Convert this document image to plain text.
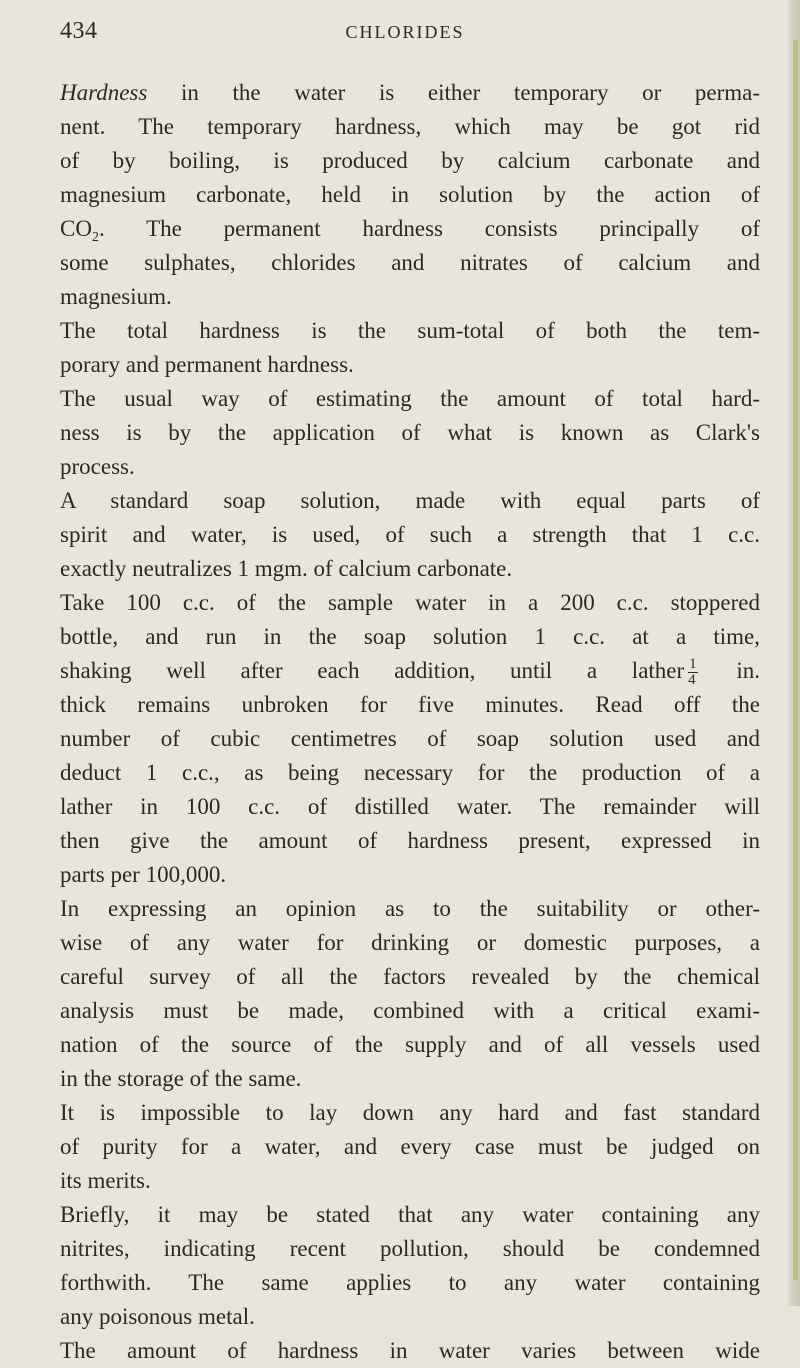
434	CHLORIDES
Hardness in the water is either temporary or perma-
nent. The temporary hardness, which may be got rid
of by boiling, is produced by calcium carbonate and
magnesium carbonate, held in solution by the action of
$CO_2$. The permanent hardness consists principally of
some sulphates, chlorides and nitrates of calcium and
magnesium.
The total hardness is the sum-total of both the tem-
porary and permanent hardness.
The usual way of estimating the amount of total hard-
ness is by the application of what is known as Clark's
process.
A standard soap solution, made with equal parts of
spirit and water, is used, of such a strength that 1 c.c.
exactly neutralizes 1 mgm. of calcium carbonate.
Take 100 c.c. of the sample water in a 200 c.c. stoppered
bottle, and run in the soap solution 1 c.c. at a time,
shaking well after each addition, until a lather $\frac{1}{4}$ in.
thick remains unbroken for five minutes. Read off the
number of cubic centimetres of soap solution used and
deduct 1 c.c., as being necessary for the production of a
lather in 100 c.c. of distilled water. The remainder will
then give the amount of hardness present, expressed in
parts per 100,000.
In expressing an opinion as to the suitability or other-
wise of any water for drinking or domestic purposes, a
careful survey of all the factors revealed by the chemical
analysis must be made, combined with a critical exami-
nation of the source of the supply and of all vessels used
in the storage of the same.
It is impossible to lay down any hard and fast standard
of purity for a water, and every case must be judged on
its merits.
Briefly, it may be stated that any water containing any
nitrites, indicating recent pollution, should be condemned
forthwith. The same applies to any water containing
any poisonous metal.
The amount of hardness in water varies between wide
